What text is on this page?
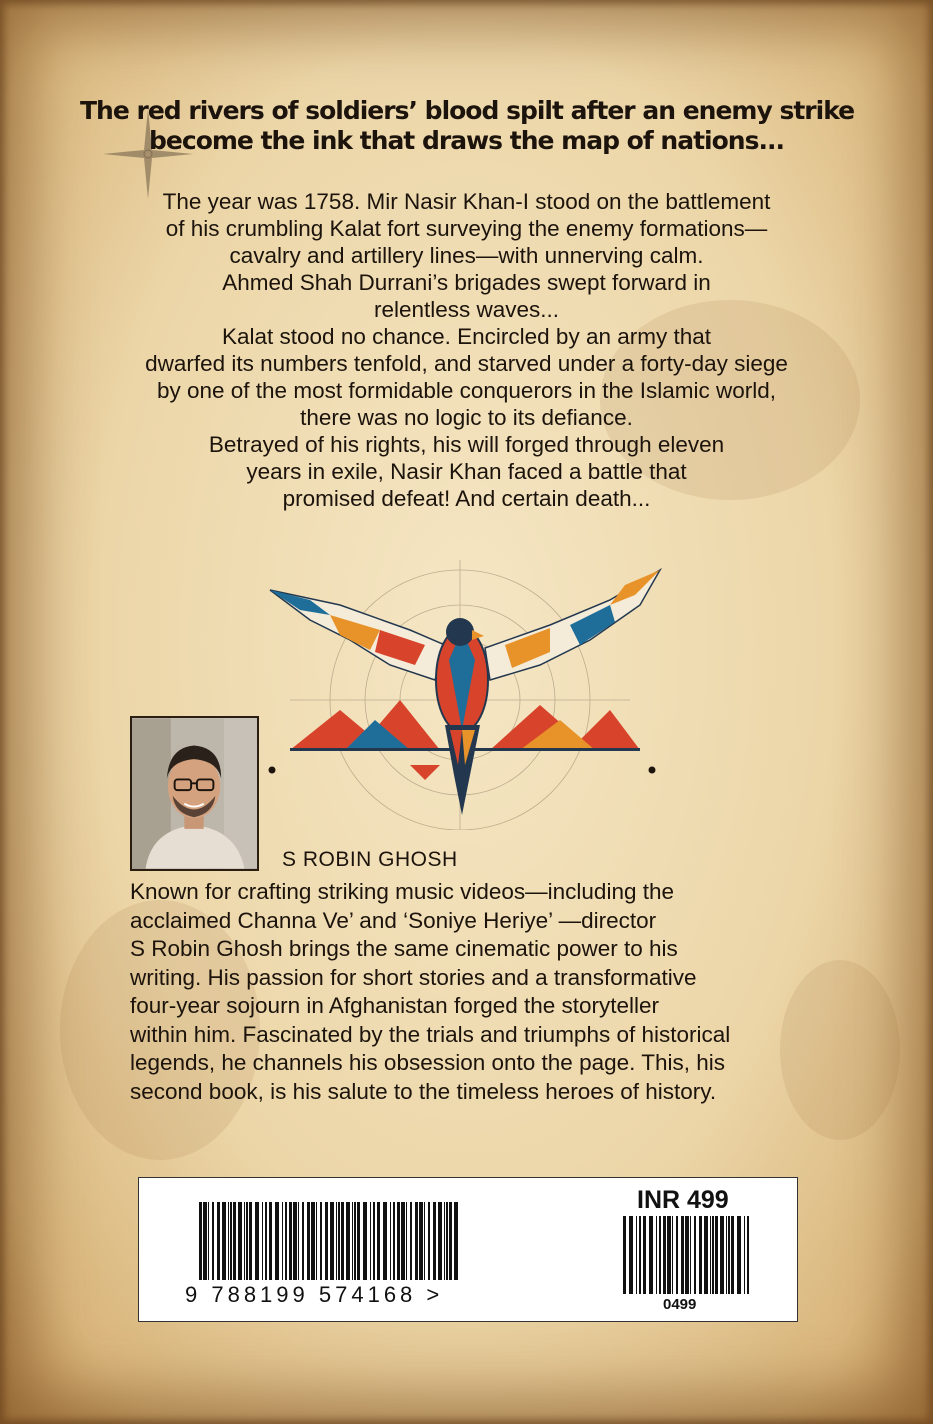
The red rivers of soldiers’ blood spilt after an enemy strike
become the ink that draws the map of nations...
The year was 1758. Mir Nasir Khan-I stood on the battlement
of his crumbling Kalat fort surveying the enemy formations—
cavalry and artillery lines—with unnerving calm.
Ahmed Shah Durrani’s brigades swept forward in
relentless waves...
Kalat stood no chance. Encircled by an army that
dwarfed its numbers tenfold, and starved under a forty-day siege
by one of the most formidable conquerors in the Islamic world,
there was no logic to its defiance.
Betrayed of his rights, his will forged through eleven
years in exile, Nasir Khan faced a battle that
promised defeat! And certain death...
S ROBIN GHOSH
Known for crafting striking music videos—including the
acclaimed Channa Ve’ and ‘Soniye Heriye’ —director
S Robin Ghosh brings the same cinematic power to his
writing. His passion for short stories and a transformative
four-year sojourn in Afghanistan forged the storyteller
within him. Fascinated by the trials and triumphs of historical
legends, he channels his obsession onto the page. This, his
second book, is his salute to the timeless heroes of history.
9 788199 574168 >
INR 499
0499
